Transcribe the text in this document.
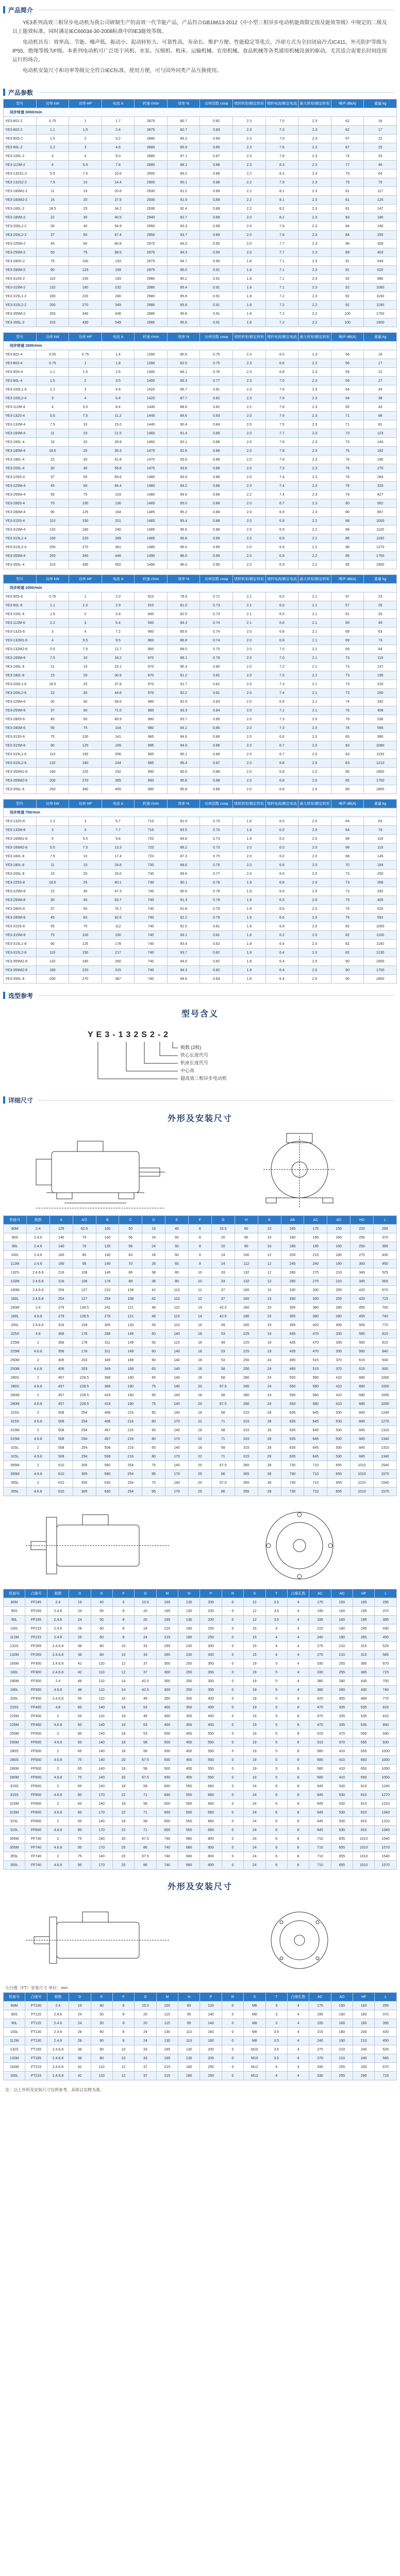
产品简介

YE3系列高效三相异步电动机为我公司研制生产的高效一代节能产品，产品符合GB18613-2012《中小型三相异步电动机能效限定值及能效等级》中规定的二级及以上能效标准，同时满足IEC60034-30-2008标准中的IE3能效等级。

电动机具有：效率高、节能、噪声低、振动小、起动转矩大、可靠性高、寿命长、维护方便、性能稳定等优点，冷却方式为全封闭扇冷式IC411，外壳防护等级为IP55，绝缘等级为F级。本系列电动机可广泛用于风机、水泵、压缩机、机床、运输机械、农用机械、食品机械等各类通用机械设备的驱动，尤其适合需要长时间连续运行的场合。

电动机安装尺寸和功率等级完全符合IEC标准，使用方便，可与国外同类产品互换使用。

产品参数
型号	功率 kW	功率 HP	电流 A	转速 r/min	效率 %	功率因数 cosφ	堵转转矩/额定转矩	堵转电流/额定电流	最大转矩/额定转矩	噪声 dB(A)	重量 kg
同步转速 3000r/min											
YE3-801-2	0.75	1	1.7	2875	80.7	0.82	2.3	7.0	2.3	62	16
YE3-802-2	1.1	1.5	2.4	2875	82.7	0.83	2.3	7.3	2.3	62	17
YE3-90S-2	1.5	2	3.2	2880	84.2	0.84	2.3	7.6	2.3	67	22
YE3-90L-2	2.2	3	4.6	2880	85.9	0.85	2.3	7.6	2.3	67	25
YE3-100L-2	3	4	6.0	2880	87.1	0.87	2.3	7.8	2.3	74	33
YE3-112M-2	4	5.5	7.8	2890	88.1	0.88	2.3	8.3	2.3	77	45
YE3-132S1-2	5.5	7.5	10.6	2900	89.2	0.88	2.2	8.3	2.3	79	64
YE3-132S2-2	7.5	10	14.4	2900	90.1	0.88	2.2	7.9	2.3	79	70
YE3-160M1-2	11	15	20.6	2930	91.2	0.89	2.2	8.1	2.3	81	117
YE3-160M2-2	15	20	27.9	2930	91.9	0.89	2.2	8.1	2.3	81	125
YE3-160L-2	18.5	25	34.2	2930	92.4	0.89	2.2	8.2	2.3	81	147
YE3-180M-2	22	30	40.5	2940	92.7	0.89	2.0	8.2	2.3	83	180
YE3-200L1-2	30	40	54.9	2950	93.3	0.89	2.0	7.6	2.3	84	240
YE3-200L2-2	37	50	67.4	2950	93.7	0.89	2.0	7.6	2.3	84	255
YE3-225M-2	45	60	80.8	2970	94.0	0.90	2.0	7.7	2.3	86	309
YE3-250M-2	55	75	98.5	2970	94.3	0.90	2.0	7.7	2.3	89	403
YE3-280S-2	75	100	133	2975	94.7	0.90	1.8	7.1	2.3	91	544
YE3-280M-2	90	125	159	2975	95.0	0.91	1.8	7.1	2.3	91	620
YE3-315S-2	110	150	193	2980	95.2	0.91	1.8	7.1	2.3	92	980
YE3-315M-2	132	180	232	2980	95.4	0.91	1.8	7.1	2.3	92	1080
YE3-315L1-2	160	220	280	2980	95.6	0.91	1.8	7.2	2.3	92	1160
YE3-315L2-2	200	270	349	2980	95.8	0.91	1.8	7.2	2.2	92	1190
YE3-355M-2	250	340	436	2985	95.8	0.91	1.6	7.2	2.2	100	1700
YE3-355L-2	315	430	549	2985	95.8	0.91	1.6	7.2	2.2	100	1900
型号	功率 kW	功率 HP	电流 A	转速 r/min	效率 %	功率因数 cosφ	堵转转矩/额定转矩	堵转电流/额定电流	最大转矩/额定转矩	噪声 dB(A)	重量 kg
同步转速 1500r/min											
YE3-801-4	0.55	0.75	1.4	1390	80.6	0.75	2.3	6.5	2.3	56	16
YE3-802-4	0.75	1	1.8	1390	82.5	0.75	2.3	6.6	2.3	56	17
YE3-90S-4	1.1	1.5	2.6	1400	84.1	0.76	2.3	6.8	2.3	59	22
YE3-90L-4	1.5	2	3.5	1400	85.3	0.77	2.3	7.0	2.3	59	27
YE3-100L1-4	2.2	3	4.8	1420	86.7	0.81	2.3	7.6	2.3	64	34
YE3-100L2-4	3	4	6.4	1420	87.7	0.82	2.3	7.6	2.3	64	38
YE3-112M-4	4	5.5	8.4	1440	88.6	0.82	2.2	7.8	2.3	65	43
YE3-132S-4	5.5	7.5	11.2	1440	89.6	0.83	2.0	7.9	2.3	71	68
YE3-132M-4	7.5	10	15.0	1440	90.4	0.84	2.0	7.5	2.3	71	81
YE3-160M-4	11	15	21.5	1460	91.4	0.85	2.0	7.7	2.3	73	123
YE3-160L-4	15	20	28.8	1460	92.1	0.86	2.0	7.8	2.3	73	144
YE3-180M-4	18.5	25	35.3	1470	92.6	0.86	2.0	7.8	2.3	76	182
YE3-180L-4	22	30	41.8	1470	93.0	0.86	2.0	7.8	2.3	76	190
YE3-200L-4	30	40	56.6	1470	93.6	0.86	2.0	7.3	2.3	76	270
YE3-225S-4	37	50	69.6	1480	93.9	0.86	2.0	7.4	2.3	78	284
YE3-225M-4	45	60	84.4	1480	94.2	0.86	2.0	7.4	2.3	78	320
YE3-250M-4	55	75	103	1480	94.6	0.86	2.2	7.4	2.3	79	427
YE3-280S-4	75	100	136	1485	95.0	0.88	2.0	6.7	2.3	80	562
YE3-280M-4	90	125	164	1485	95.2	0.88	2.0	6.9	2.3	80	667
YE3-315S-4	110	150	201	1485	95.4	0.88	2.0	6.9	2.2	88	1000
YE3-315M-4	132	180	240	1485	95.6	0.88	2.0	6.9	2.2	88	1100
YE3-315L1-4	160	220	289	1485	95.8	0.89	2.0	6.9	2.2	88	1160
YE3-315L2-4	200	270	361	1485	96.0	0.89	2.0	6.9	2.2	88	1270
YE3-355M-4	250	340	446	1490	96.0	0.90	2.0	6.9	2.2	95	1700
YE3-355L-4	315	430	562	1490	96.0	0.90	2.0	6.9	2.2	95	1900
型号	功率 kW	功率 HP	电流 A	转速 r/min	效率 %	功率因数 cosφ	堵转转矩/额定转矩	堵转电流/额定电流	最大转矩/额定转矩	噪声 dB(A)	重量 kg
同步转速 1000r/min											
YE3-90S-6	0.75	1	2.0	910	78.9	0.71	2.1	6.0	2.1	57	23
YE3-90L-6	1.1	1.5	2.9	910	81.0	0.73	2.1	6.0	2.1	57	25
YE3-100L-6	1.5	2	3.8	940	82.5	0.73	2.1	6.5	2.1	61	33
YE3-112M-6	2.2	3	5.4	940	84.3	0.74	2.1	6.6	2.1	65	45
YE3-132S-6	3	4	7.2	960	85.6	0.74	2.0	6.8	2.1	69	63
YE3-132M1-6	4	5.5	9.5	960	86.8	0.74	2.0	6.8	2.1	69	73
YE3-132M2-6	5.5	7.5	12.7	960	88.0	0.75	2.0	7.0	2.1	69	84
YE3-160M-6	7.5	10	16.2	970	89.1	0.79	2.0	7.0	2.1	73	119
YE3-160L-6	11	15	23.1	970	90.3	0.80	2.0	7.2	2.1	73	147
YE3-180L-6	15	20	30.9	970	91.2	0.81	2.0	7.3	2.1	73	195
YE3-200L1-6	18.5	25	37.8	970	91.7	0.81	2.0	7.3	2.1	73	220
YE3-200L2-6	22	30	44.6	970	92.2	0.81	2.0	7.4	2.1	73	250
YE3-225M-6	30	40	58.6	980	92.9	0.83	2.0	6.9	2.1	74	292
YE3-250M-6	37	50	71.0	980	93.3	0.84	2.0	7.1	2.1	76	408
YE3-280S-6	45	60	85.9	980	93.7	0.85	2.0	7.3	2.0	78	536
YE3-280M-6	55	75	104	980	94.1	0.86	2.0	7.3	2.0	78	595
YE3-315S-6	75	100	141	985	94.6	0.86	2.0	6.6	2.0	83	990
YE3-315M-6	90	125	169	985	94.9	0.86	2.0	6.7	2.0	83	1080
YE3-315L1-6	110	150	206	985	95.1	0.86	2.0	6.7	2.0	83	1150
YE3-315L2-6	132	180	244	985	95.4	0.87	2.0	6.8	2.0	83	1210
YE3-355M1-6	160	220	292	990	95.6	0.88	2.0	6.8	2.0	85	1600
YE3-355M2-6	200	270	365	990	95.8	0.88	2.0	6.8	2.0	85	1700
YE3-355L-6	250	340	455	990	95.8	0.88	2.0	6.8	2.0	85	1850
型号	功率 kW	功率 HP	电流 A	转速 r/min	效率 %	功率因数 cosφ	堵转转矩/额定转矩	堵转电流/额定电流	最大转矩/额定转矩	噪声 dB(A)	重量 kg
同步转速 750r/min											
YE3-132S-8	2.2	3	5.7	710	81.9	0.70	1.8	6.0	2.0	64	63
YE3-132M-8	3	4	7.7	710	83.5	0.70	1.8	6.0	2.0	64	79
YE3-160M1-8	4	5.5	9.8	720	84.8	0.73	1.9	6.0	2.0	68	118
YE3-160M2-8	5.5	7.5	13.3	720	86.2	0.73	2.0	6.0	2.0	68	119
YE3-160L-8	7.5	10	17.4	720	87.3	0.75	2.0	6.0	2.0	68	145
YE3-180L-8	11	15	24.8	730	88.6	0.76	2.0	6.6	2.0	70	184
YE3-200L-8	15	20	33.0	730	89.6	0.77	2.0	6.6	2.0	73	250
YE3-225S-8	18.5	25	40.1	730	90.1	0.78	1.9	6.6	2.0	73	266
YE3-225M-8	22	30	47.3	740	90.6	0.78	1.9	6.6	2.0	73	292
YE3-250M-8	30	40	63.7	740	91.3	0.79	1.9	6.5	2.0	75	405
YE3-280S-8	37	50	76.7	740	91.8	0.79	1.9	6.6	2.0	76	520
YE3-280M-8	45	60	92.6	740	92.2	0.79	1.9	6.6	2.0	76	592
YE3-315S-8	55	75	112	740	92.5	0.81	1.8	6.6	2.0	82	1000
YE3-315M-8	75	100	150	740	93.1	0.81	1.8	6.2	2.0	82	1100
YE3-315L1-8	90	125	178	740	93.4	0.82	1.8	6.4	2.0	82	1160
YE3-315L2-8	110	150	217	740	93.7	0.82	1.8	6.4	2.0	82	1230
YE3-355M1-8	132	180	260	740	94.0	0.82	1.8	6.4	2.0	90	1600
YE3-355M2-8	160	220	315	740	94.3	0.82	1.8	6.4	2.0	90	1700
YE3-355L-8	200	270	387	740	94.6	0.83	1.8	6.4	2.0	90	1850
选型参考
型号含义
YE3-132S2-2
极数 (2极)
铁心长度代号
机座长度代号
中心高
超高效三相异步电动机
详细尺寸
外形及安装尺寸
机座号	极数	A	A/2	B	C	D	E	F	G	H	K	AB	AC	AD	HD	L
80M	2.4	125	62.5	100	50	19	40	6	15.5	80	10	165	175	150	220	295
90S	2.4.6	140	70	100	56	24	50	8	20	90	10	180	195	160	250	370
90L	2.4.6	140	70	125	56	24	50	8	20	90	10	180	195	160	250	395
100L	2.4.6	160	80	140	63	28	60	8	24	100	12	205	215	180	270	430
112M	2.4.6	190	95	140	70	28	60	8	24	112	12	245	240	190	300	450
132S	2.4.6.8	216	108	140	89	38	80	10	33	132	12	280	275	210	345	525
132M	2.4.6.8	216	108	178	89	38	80	10	33	132	12	280	275	210	345	565
160M	2.4.6.8	254	127	210	108	42	110	12	37	160	15	330	330	255	420	670
160L	2.4.6.8	254	127	254	108	42	110	12	37	160	15	330	330	255	420	715
180M	2.4	279	139.5	241	121	48	110	14	42.5	180	15	355	380	280	455	700
180L	4.6.8	279	139.5	279	121	48	110	14	42.5	180	15	355	380	280	455	740
200L	2.4.6.8	318	159	305	133	55	110	16	49	200	19	395	420	305	505	770
225S	4.8	356	178	286	149	60	140	18	53	225	19	435	470	335	560	815
225M	2	356	178	311	149	55	110	16	49	225	19	435	470	335	560	810
225M	4.6.8	356	178	311	149	60	140	18	53	225	19	435	470	335	560	840
250M	2	406	203	349	168	60	140	18	53	250	24	490	515	370	615	930
250M	4.6.8	406	203	349	168	65	140	18	58	250	24	490	515	370	615	930
280S	2	457	228.5	368	190	65	140	18	58	280	24	550	580	410	680	1000
280S	4.6.8	457	228.5	368	190	75	140	20	67.5	280	24	550	580	410	680	1000
280M	2	457	228.5	419	190	65	140	18	58	280	24	550	580	410	680	1050
280M	4.6.8	457	228.5	419	190	75	140	20	67.5	280	24	550	580	410	680	1050
315S	2	508	254	406	216	65	140	18	58	315	28	635	645	530	845	1240
315S	4.6.8	508	254	406	216	80	170	22	71	315	28	635	645	530	845	1270
315M	2	508	254	457	216	65	140	18	58	315	28	635	645	530	845	1310
315M	4.6.8	508	254	457	216	80	170	22	71	315	28	635	645	530	845	1340
315L	2	508	254	508	216	65	140	18	58	315	28	635	645	530	845	1310
315L	4.6.8	508	254	508	216	80	170	22	71	315	28	635	645	530	845	1340
355M	2	610	305	560	254	75	140	20	67.5	355	28	730	710	655	1010	1540
355M	4.6.8	610	305	560	254	95	170	25	86	355	28	730	710	655	1010	1570
355L	2	610	305	630	254	75	140	20	67.5	355	28	730	710	655	1010	1540
355L	4.6.8	610	305	630	254	95	170	25	86	355	28	730	710	655	1010	1570
机座号	凸缘号	极数	D	E	F	G	M	N	P	R	S	T	凸缘孔数	AC	AD	HF	L
80M	FF165	2.4	19	40	6	15.5	165	130	200	0	12	3.5	4	175	150	185	295
90S	FF165	2.4.6	24	50	8	20	165	130	200	0	12	3.5	4	195	160	195	370
90L	FF165	2.4.6	24	50	8	20	165	130	200	0	12	3.5	4	195	160	195	395
100L	FF215	2.4.6	28	60	8	24	215	180	250	0	15	4	4	215	180	245	430
112M	FF215	2.4.6	28	60	8	24	215	180	250	0	15	4	4	240	190	265	450
132S	FF265	2.4.6.8	38	80	10	33	265	230	300	0	15	4	4	275	210	315	525
132M	FF265	2.4.6.8	38	80	10	33	265	230	300	0	15	4	4	275	210	315	565
160M	FF300	2.4.6.8	42	110	12	37	300	250	350	0	19	5	4	330	255	385	670
160L	FF300	2.4.6.8	42	110	12	37	300	250	350	0	19	5	4	330	255	385	715
180M	FF300	2.4	48	110	14	42.5	300	250	350	0	19	5	4	380	280	430	700
180L	FF300	4.6.8	48	110	14	42.5	300	250	350	0	19	5	4	380	280	430	740
200L	FF350	2.4.6.8	55	110	16	49	350	300	400	0	19	5	4	420	305	480	770
225S	FF400	4.8	60	140	18	53	400	350	450	0	19	5	8	470	335	535	815
225M	FF400	2	55	110	16	49	400	350	450	0	19	5	8	470	335	535	810
225M	FF400	4.6.8	60	140	18	53	400	350	450	0	19	5	8	470	335	535	840
250M	FF500	2	60	140	18	53	500	450	550	0	19	5	8	515	370	595	930
250M	FF500	4.6.8	65	140	18	58	500	450	550	0	19	5	8	515	370	595	930
280S	FF500	2	65	140	18	58	500	450	550	0	19	5	8	580	410	650	1000
280S	FF500	4.6.8	75	140	20	67.5	500	450	550	0	19	5	8	580	410	650	1000
280M	FF500	2	65	140	18	58	500	450	550	0	19	5	8	580	410	650	1050
280M	FF500	4.6.8	75	140	20	67.5	500	450	550	0	19	5	8	580	410	650	1050
315S	FF600	2	65	140	18	58	600	550	660	0	24	6	8	645	530	810	1240
315S	FF600	4.6.8	80	170	22	71	600	550	660	0	24	6	8	645	530	810	1270
315M	FF600	2	65	140	18	58	600	550	660	0	24	6	8	645	530	810	1310
315M	FF600	4.6.8	80	170	22	71	600	550	660	0	24	6	8	645	530	810	1340
315L	FF600	2	65	140	18	58	600	550	660	0	24	6	8	645	530	810	1310
315L	FF600	4.6.8	80	170	22	71	600	550	660	0	24	6	8	645	530	810	1340
355M	FF740	2	75	140	20	67.5	740	680	800	0	24	6	8	710	655	1010	1540
355M	FF740	4.6.8	95	170	25	86	740	680	800	0	24	6	8	710	655	1010	1570
355L	FF740	2	75	140	20	67.5	740	680	800	0	24	6	8	710	655	1010	1540
355L	FF740	4.6.8	95	170	25	86	740	680	800	0	24	6	8	710	655	1010	1570
外形及安装尺寸
小凸缘（FT）安装尺寸 单位：mm
机座号	凸缘号	极数	D	E	F	G	M	N	P	R	S	T	凸缘孔数	AC	AD	HF	L
80M	FT100	2.4	19	40	6	15.5	100	80	120	0	M6	3	4	175	150	160	295
90S	FT115	2.4.6	24	50	8	20	115	95	140	0	M8	3	4	195	160	180	370
90L	FT115	2.4.6	24	50	8	20	115	95	140	0	M8	3	4	195	160	180	395
100L	FT130	2.4.6	28	60	8	24	130	110	160	0	M8	3.5	4	215	180	200	430
112M	FT130	2.4.6	28	60	8	24	130	110	160	0	M8	3.5	4	240	190	210	450
132S	FT165	2.4.6.8	38	80	10	33	165	130	200	0	M10	3.5	4	275	210	240	525
132M	FT165	2.4.6.8	38	80	10	33	165	130	200	0	M10	3.5	4	275	210	240	565
160M	FT215	2.4.6.8	42	110	12	37	215	180	250	0	M12	4	4	330	255	290	670
160L	FT215	2.4.6.8	42	110	12	37	215	180	250	0	M12	4	4	330	255	290	715
注：以上外形及安装尺寸仅供参考，具体以实物为准。
